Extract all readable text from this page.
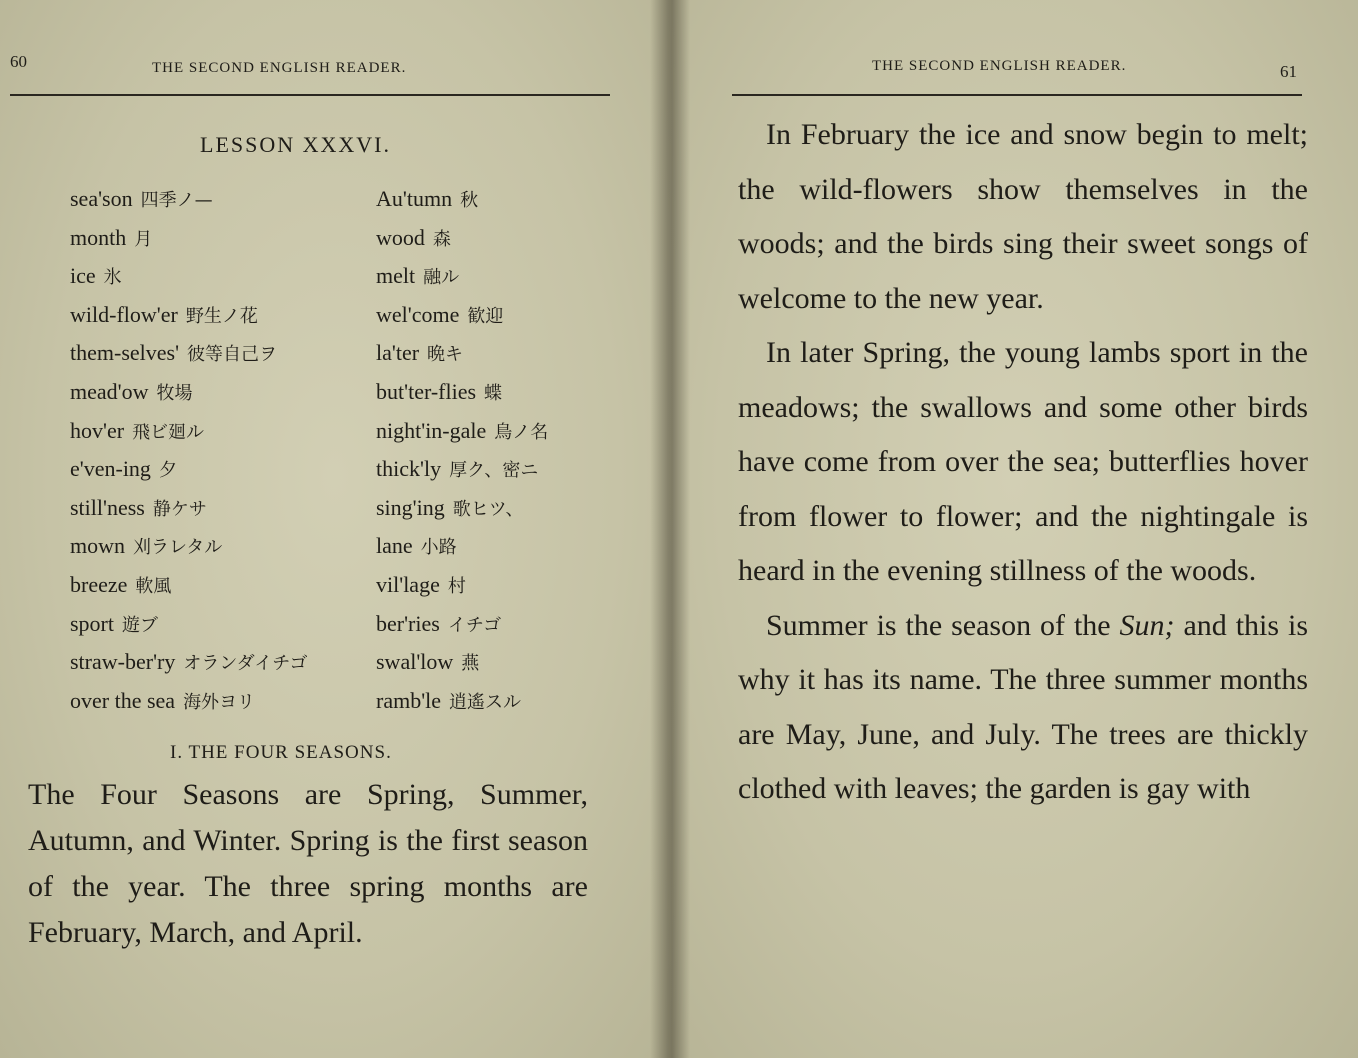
60	THE SECOND ENGLISH READER.
LESSON XXXVI.
sea'son 四季ノ—
month 月
ice 氷
wild-flow'er 野生ノ花
them-selves' 彼等自己ヲ
mead'ow 牧場
hov'er 飛ビ廻ル
e'ven-ing 夕
still'ness 静ケサ
mown 刈ラレタル
breeze 軟風
sport 遊ブ
straw-ber'ry オランダイチゴ
over the sea 海外ヨリ
Au'tumn 秋
wood 森
melt 融ル
wel'come 歓迎
la'ter 晩キ
but'ter-flies 蝶
night'in-gale 鳥ノ名
thick'ly 厚ク、密ニ
sing'ing 歌ヒツ、
lane 小路
vil'lage 村
ber'ries イチゴ
swal'low 燕
ramb'le 逍遙スル
I. THE FOUR SEASONS.
The Four Seasons are Spring, Summer, Autumn, and Winter. Spring is the first season of the year. The three spring months are February, March, and April.
THE SECOND ENGLISH READER.	61

In February the ice and snow begin to melt; the wild-flowers show themselves in the woods; and the birds sing their sweet songs of welcome to the new year.

In later Spring, the young lambs sport in the meadows; the swallows and some other birds have come from over the sea; butterflies hover from flower to flower; and the nightingale is heard in the evening stillness of the woods.

Summer is the season of the Sun; and this is why it has its name. The three summer months are May, June, and July. The trees are thickly clothed with leaves; the garden is gay with
